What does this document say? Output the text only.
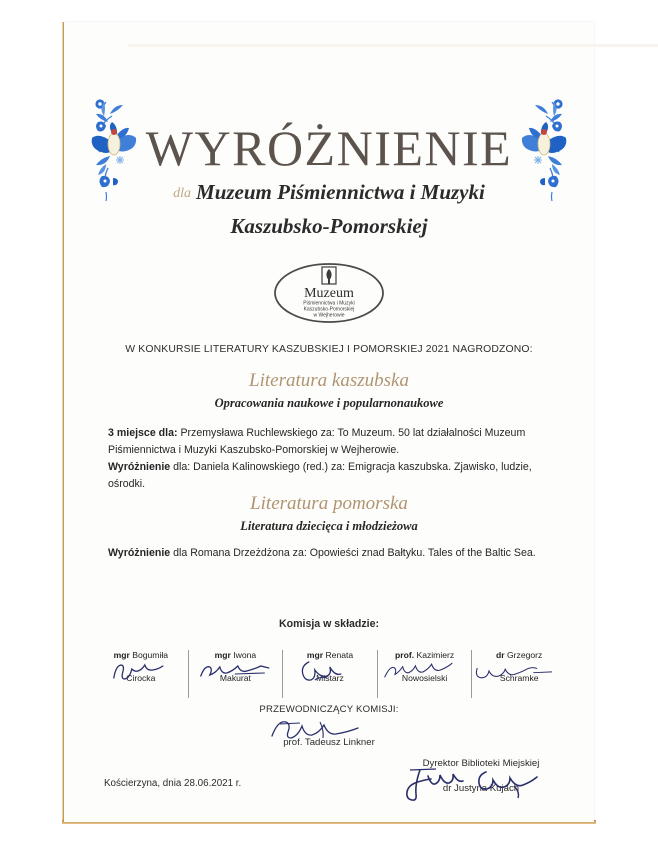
WYRÓŻNIENIE
dla Muzeum Piśmiennictwa i Muzyki
Kaszubsko-Pomorskiej
Muzeum
Piśmiennictwa i Muzyki
Kaszubsko-Pomorskiej
w Wejherowie
W KONKURSIE LITERATURY KASZUBSKIEJ I POMORSKIEJ 2021 NAGRODZONO:
Literatura kaszubska
Opracowania naukowe i popularnonaukowe

3 miejsce dla: Przemysława Ruchlewskiego za: To Muzeum. 50 lat działalności Muzeum Piśmiennictwa i Muzyki Kaszubsko-Pomorskiej w Wejherowie.

Wyróżnienie dla: Daniela Kalinowskiego (red.) za: Emigracja kaszubska. Zjawisko, ludzie, ośrodki.

Literatura pomorska
Literatura dziecięca i młodzieżowa

Wyróżnienie dla Romana Drzeżdżona za: Opowieści znad Bałtyku. Tales of the Baltic Sea.

Komisja w składzie:
mgr Bogumiła
Cirocka
mgr Iwona
Makurat
mgr Renata
Mistarz
prof. Kazimierz
Nowosielski
dr Grzegorz
Schramke
PRZEWODNICZĄCY KOMISJI:
prof. Tadeusz Linkner
Kościerzyna, dnia 28.06.2021 r.
Dyrektor Biblioteki Miejskiej
dr Justyna Kujach
